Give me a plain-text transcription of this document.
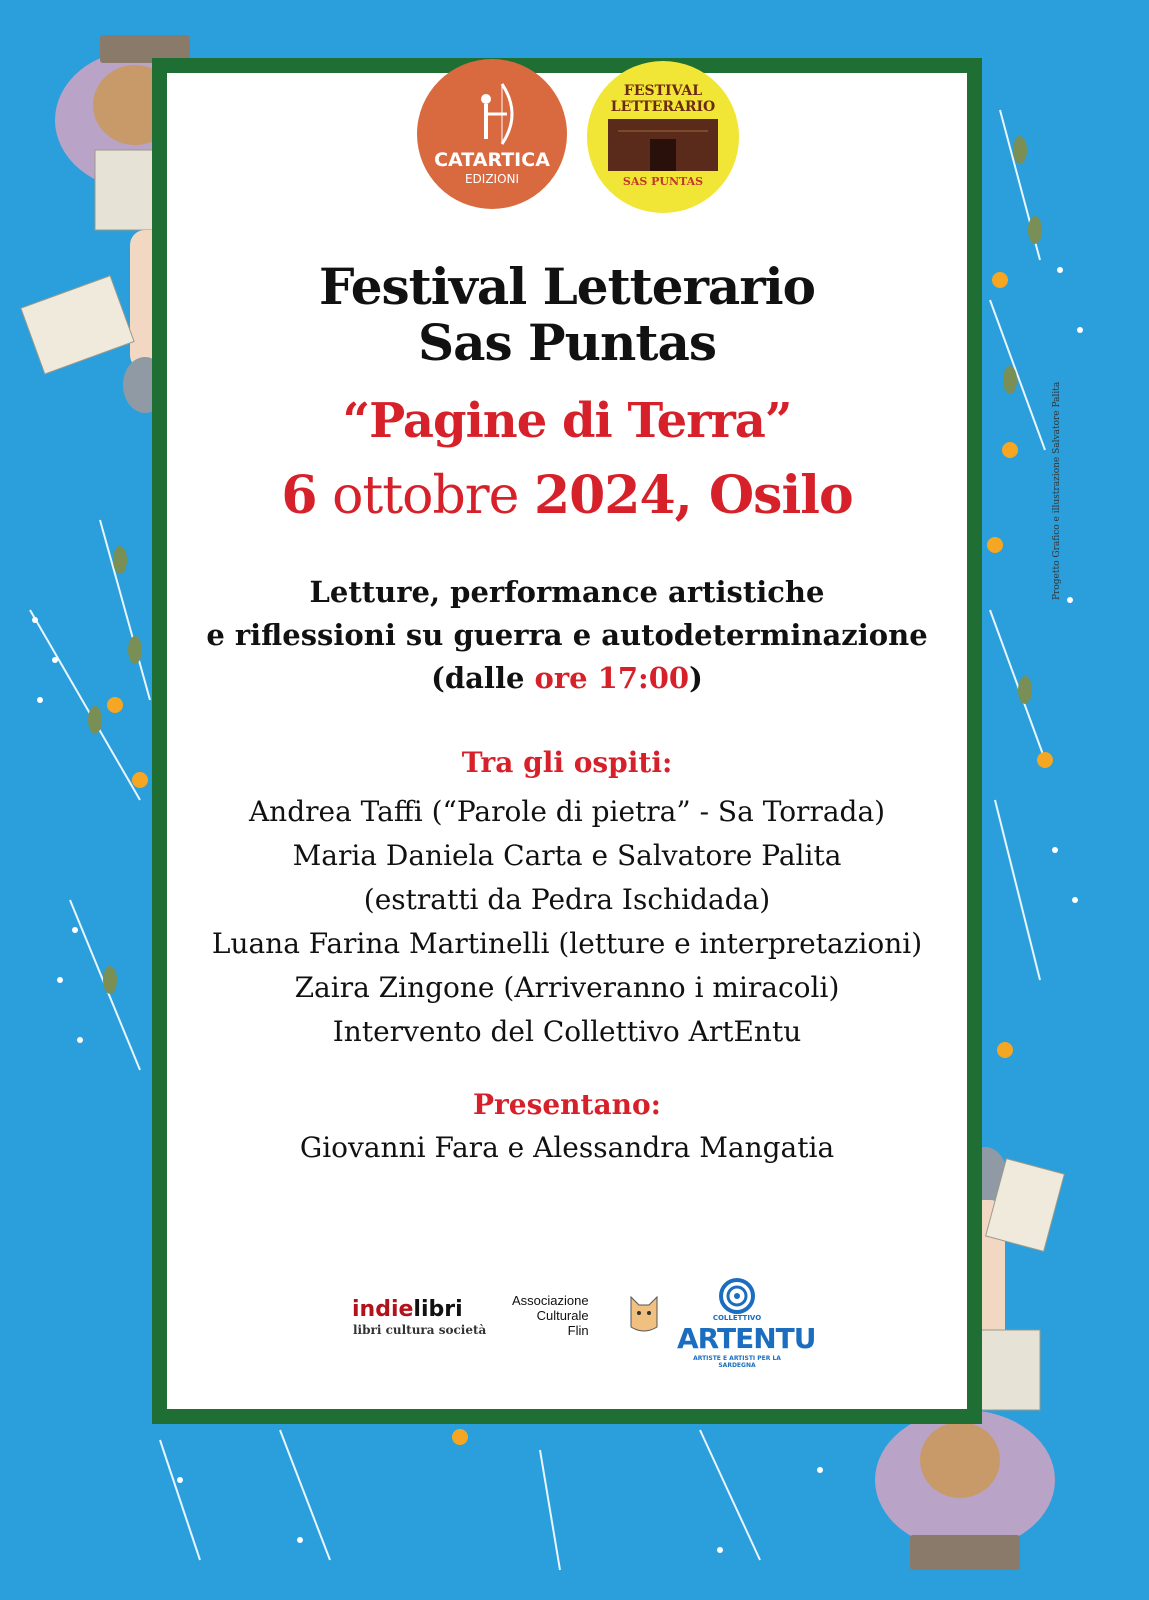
Progetto Grafico e illustrazione Salvatore Palita
CATARTICA
EDIZIONI
FESTIVAL
LETTERARIO
SAS PUNTAS
Festival Letterario
Sas Puntas
“Pagine di Terra”
6 ottobre 2024, Osilo
Letture, performance artistiche
e riflessioni su guerra e autodeterminazione
(dalle ore 17:00)
Tra gli ospiti:
Andrea Taffi (“Parole di pietra” - Sa Torrada)
Maria Daniela Carta e Salvatore Palita
(estratti da Pedra Ischidada)
Luana Farina Martinelli (letture e interpretazioni)
Zaira Zingone (Arriveranno i miracoli)
Intervento del Collettivo ArtEntu
Presentano:
Giovanni Fara e Alessandra Mangatia
indielibri
libri cultura società
Associazione
Culturale
Flin
COLLETTIVO
ARTENTU
ARTISTE E ARTISTI PER LA SARDEGNA
